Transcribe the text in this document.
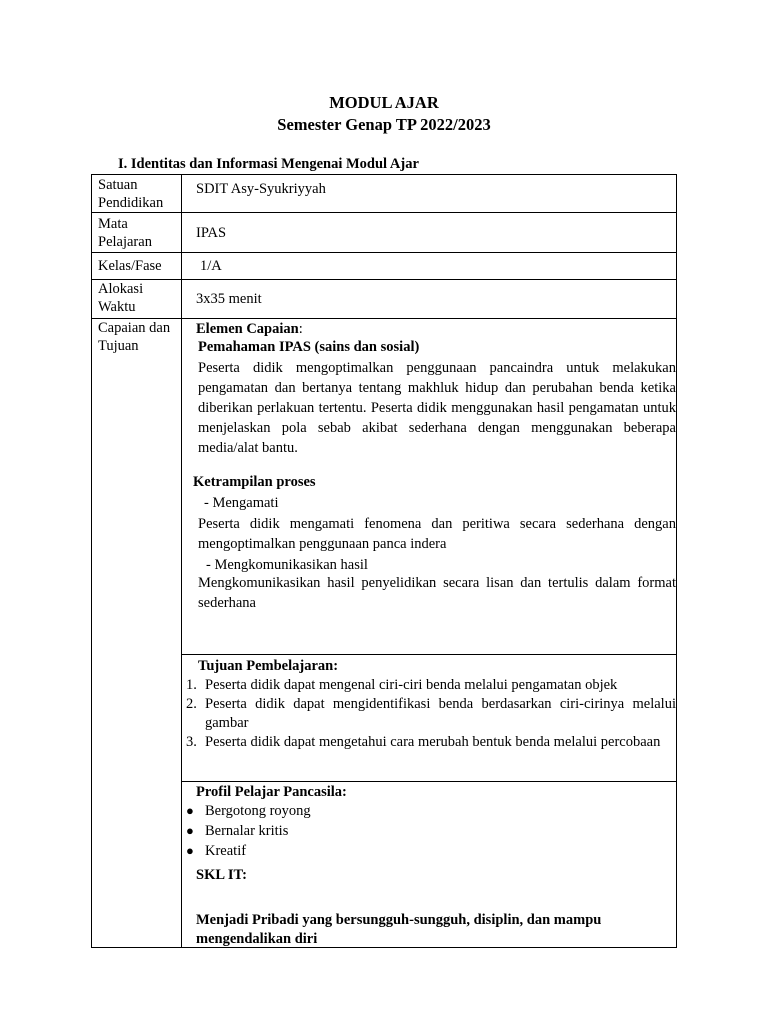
MODUL AJAR
Semester Genap TP 2022/2023
I. Identitas dan Informasi Mengenai Modul Ajar
Satuan Pendidikan
Mata Pelajaran
Kelas/Fase
Alokasi Waktu
Capaian dan Tujuan
SDIT Asy-Syukriyyah
IPAS
1/A
3x35 menit
Elemen Capaian:
Pemahaman IPAS (sains dan sosial)
Peserta didik mengoptimalkan penggunaan pancaindra untuk melakukan pengamatan dan bertanya tentang makhluk hidup dan perubahan benda ketika diberikan perlakuan tertentu. Peserta didik menggunakan hasil pengamatan untuk menjelaskan pola sebab akibat sederhana dengan menggunakan beberapa media/alat bantu.
Ketrampilan proses
- Mengamati
Peserta didik mengamati fenomena dan peritiwa secara sederhana dengan mengoptimalkan penggunaan panca indera
- Mengkomunikasikan hasil
Mengkomunikasikan hasil penyelidikan secara lisan dan tertulis dalam format sederhana
Tujuan Pembelajaran:
1. Peserta didik dapat mengenal ciri-ciri benda melalui pengamatan objek
2. Peserta didik dapat mengidentifikasi benda berdasarkan ciri-cirinya melalui gambar
3. Peserta didik dapat mengetahui cara merubah bentuk benda melalui percobaan
Profil Pelajar Pancasila:
● Bergotong royong
● Bernalar kritis
● Kreatif
SKL IT:
Menjadi Pribadi yang bersungguh-sungguh, disiplin, dan mampu mengendalikan diri
